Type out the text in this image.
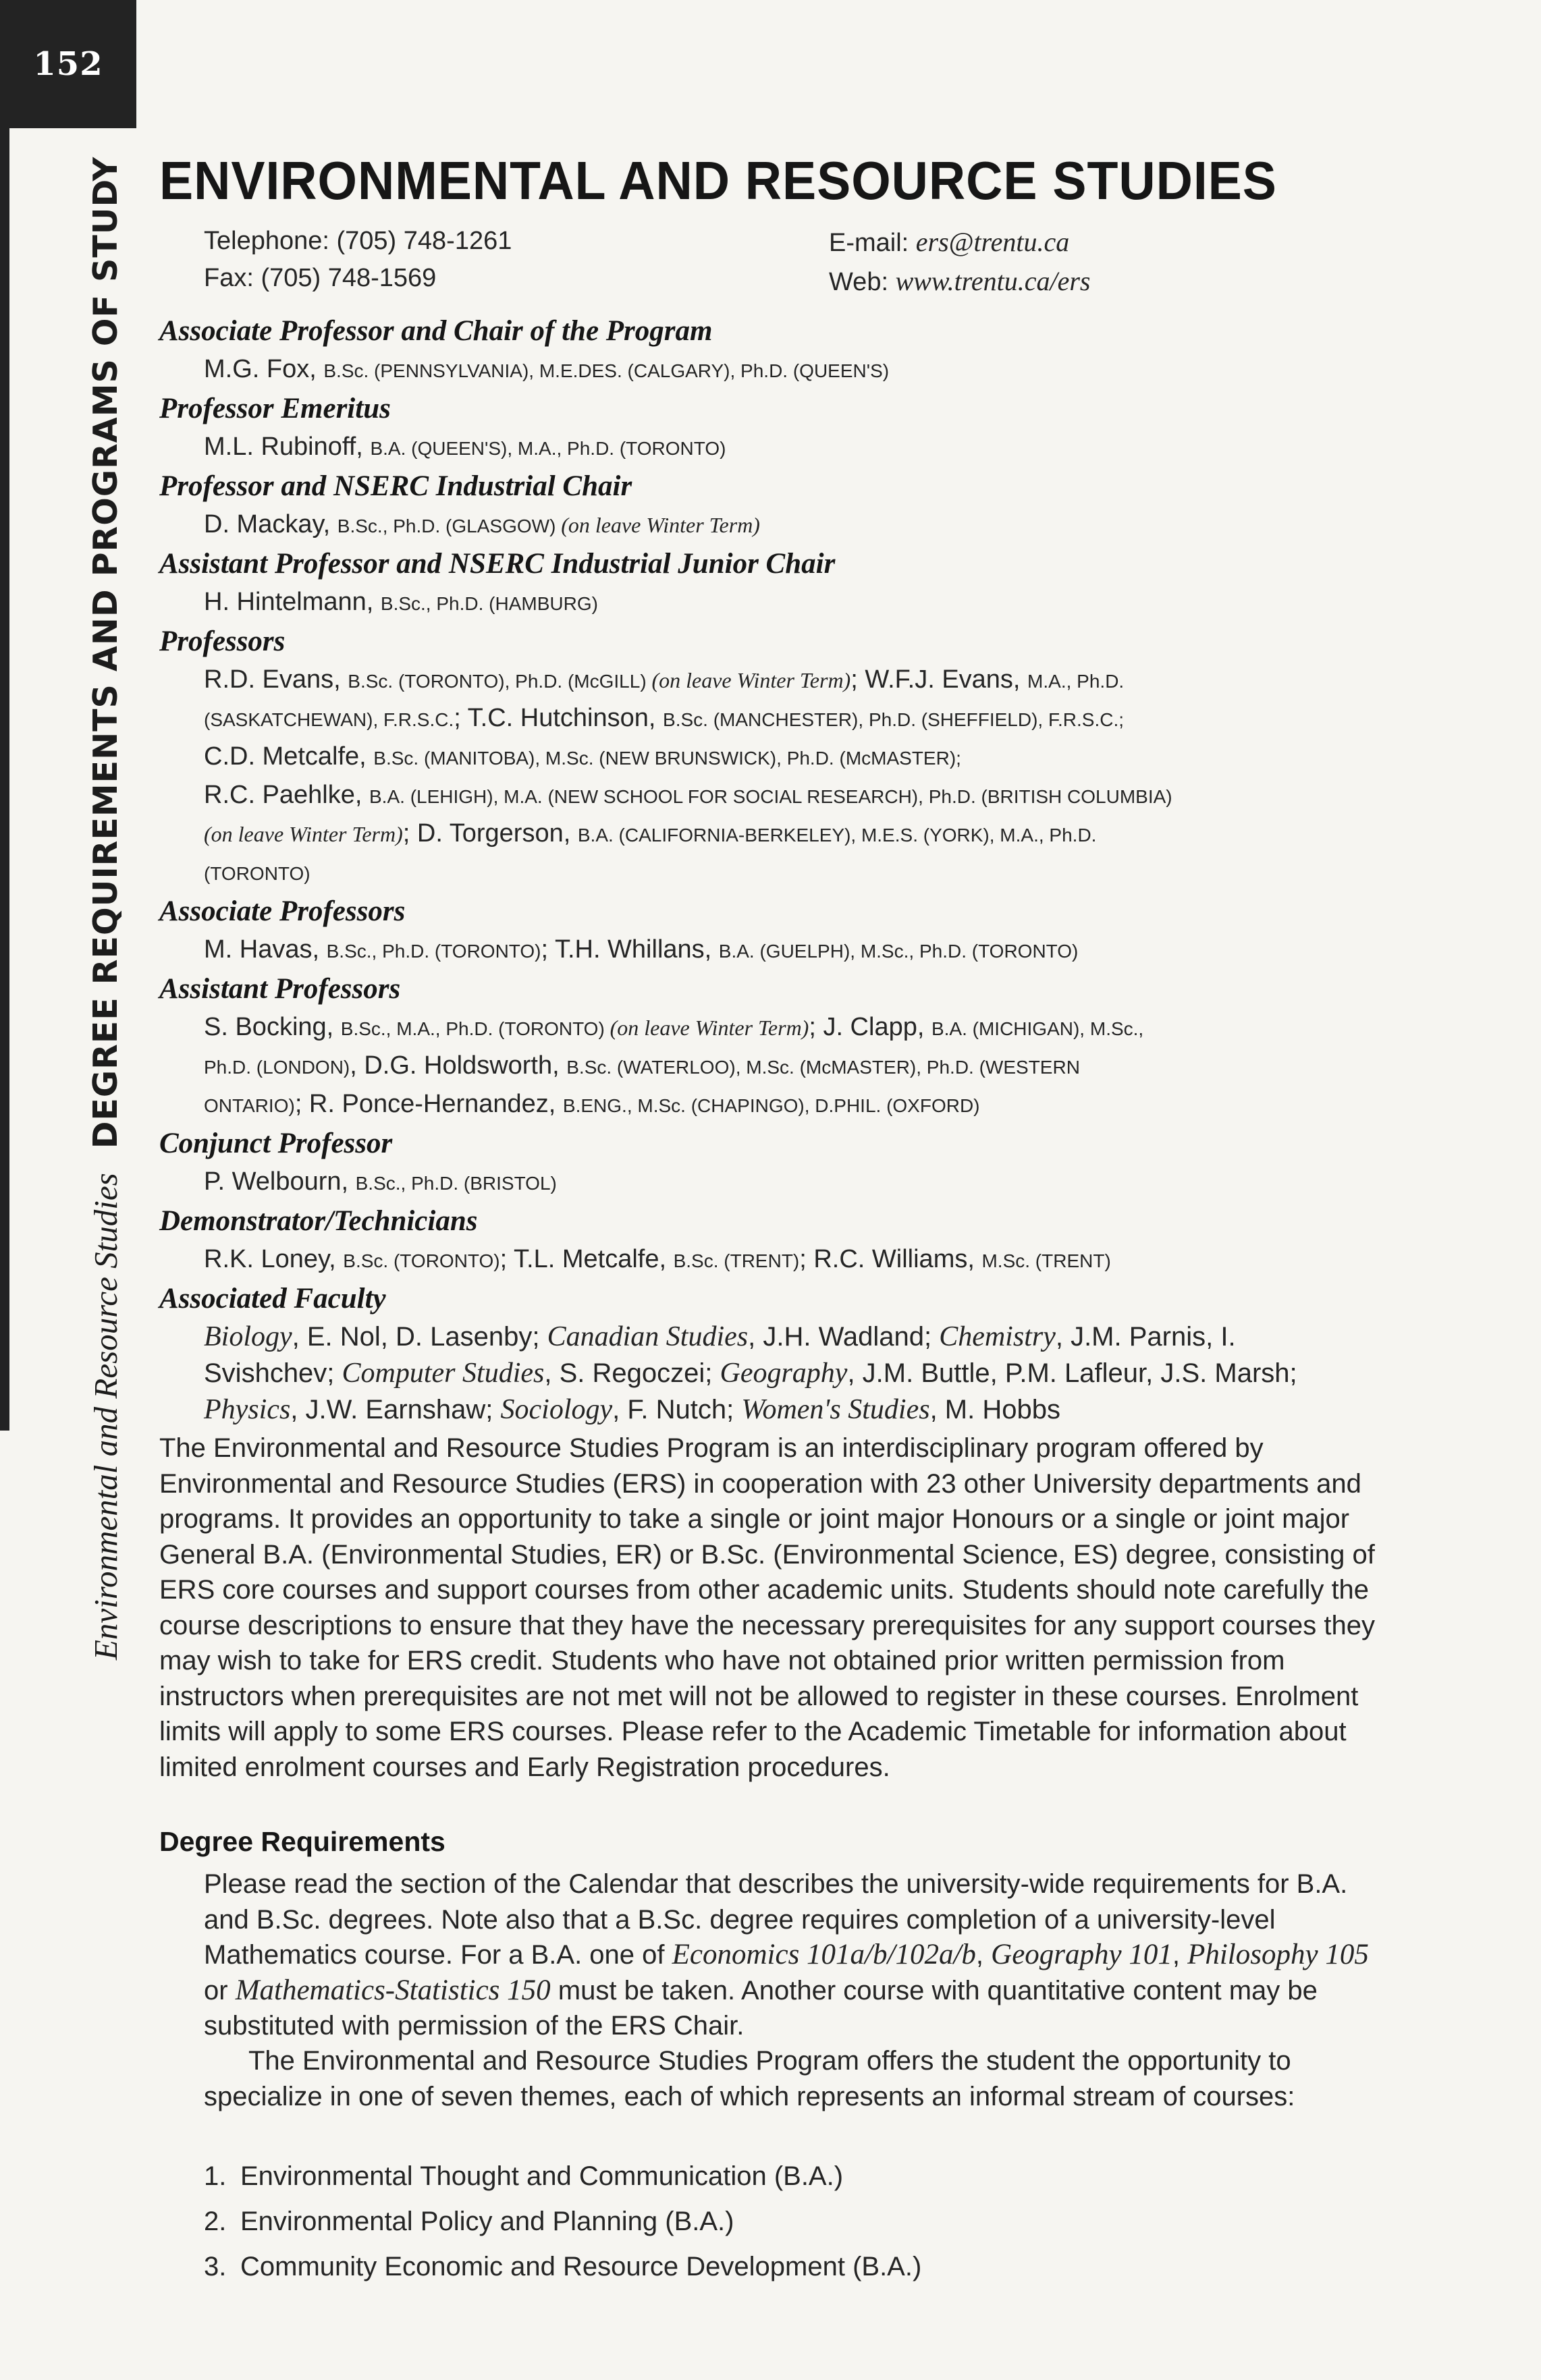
152
Environmental and Resource StudiesDEGREE REQUIREMENTS AND PROGRAMS OF STUDY ENVIRONMENTAL AND RESOURCE STUDIES
Telephone: (705) 748-1261
Fax: (705) 748-1569
E-mail: ers@trentu.ca
Web: www.trentu.ca/ers
Associate Professor and Chair of the Program
M.G. Fox, B.Sc. (PENNSYLVANIA), M.E.DES. (CALGARY), Ph.D. (QUEEN'S)
Professor Emeritus
M.L. Rubinoff, B.A. (QUEEN'S), M.A., Ph.D. (TORONTO)
Professor and NSERC Industrial Chair
D. Mackay, B.Sc., Ph.D. (GLASGOW) (on leave Winter Term)
Assistant Professor and NSERC Industrial Junior Chair
H. Hintelmann, B.Sc., Ph.D. (HAMBURG)
Professors
R.D. Evans, B.Sc. (TORONTO), Ph.D. (McGILL) (on leave Winter Term); W.F.J. Evans, M.A., Ph.D.
(SASKATCHEWAN), F.R.S.C.; T.C. Hutchinson, B.Sc. (MANCHESTER), Ph.D. (SHEFFIELD), F.R.S.C.;
C.D. Metcalfe, B.Sc. (MANITOBA), M.Sc. (NEW BRUNSWICK), Ph.D. (McMASTER);
R.C. Paehlke, B.A. (LEHIGH), M.A. (NEW SCHOOL FOR SOCIAL RESEARCH), Ph.D. (BRITISH COLUMBIA)
(on leave Winter Term); D. Torgerson, B.A. (CALIFORNIA-BERKELEY), M.E.S. (YORK), M.A., Ph.D.
(TORONTO)
Associate Professors
M. Havas, B.Sc., Ph.D. (TORONTO); T.H. Whillans, B.A. (GUELPH), M.Sc., Ph.D. (TORONTO)
Assistant Professors
S. Bocking, B.Sc., M.A., Ph.D. (TORONTO) (on leave Winter Term); J. Clapp, B.A. (MICHIGAN), M.Sc.,
Ph.D. (LONDON), D.G. Holdsworth, B.Sc. (WATERLOO), M.Sc. (McMASTER), Ph.D. (WESTERN
ONTARIO); R. Ponce-Hernandez, B.ENG., M.Sc. (CHAPINGO), D.PHIL. (OXFORD)
Conjunct Professor
P. Welbourn, B.Sc., Ph.D. (BRISTOL)
Demonstrator/Technicians
R.K. Loney, B.Sc. (TORONTO); T.L. Metcalfe, B.Sc. (TRENT); R.C. Williams, M.Sc. (TRENT)
Associated Faculty
Biology, E. Nol, D. Lasenby; Canadian Studies, J.H. Wadland; Chemistry, J.M. Parnis, I.
Svishchev; Computer Studies, S. Regoczei; Geography, J.M. Buttle, P.M. Lafleur, J.S. Marsh;
Physics, J.W. Earnshaw; Sociology, F. Nutch; Women's Studies, M. Hobbs

The Environmental and Resource Studies Program is an interdisciplinary program offered by Environmental and Resource Studies (ERS) in cooperation with 23 other University departments and programs. It provides an opportunity to take a single or joint major Honours or a single or joint major General B.A. (Environmental Studies, ER) or B.Sc. (Environmental Science, ES) degree, consisting of ERS core courses and support courses from other academic units. Students should note carefully the course descriptions to ensure that they have the necessary prerequisites for any support courses they may wish to take for ERS credit. Students who have not obtained prior written permission from instructors when prerequisites are not met will not be allowed to register in these courses. Enrolment limits will apply to some ERS courses. Please refer to the Academic Timetable for information about limited enrolment courses and Early Registration procedures.

Degree Requirements

Please read the section of the Calendar that describes the university-wide requirements for B.A. and B.Sc. degrees. Note also that a B.Sc. degree requires completion of a university-level Mathematics course. For a B.A. one of Economics 101a/b/102a/b, Geography 101, Philosophy 105 or Mathematics-Statistics 150 must be taken. Another course with quantitative content may be substituted with permission of the ERS Chair.

The Environmental and Resource Studies Program offers the student the opportunity to specialize in one of seven themes, each of which represents an informal stream of courses:

1. Environmental Thought and Communication (B.A.)
2. Environmental Policy and Planning (B.A.)
3. Community Economic and Resource Development (B.A.)
